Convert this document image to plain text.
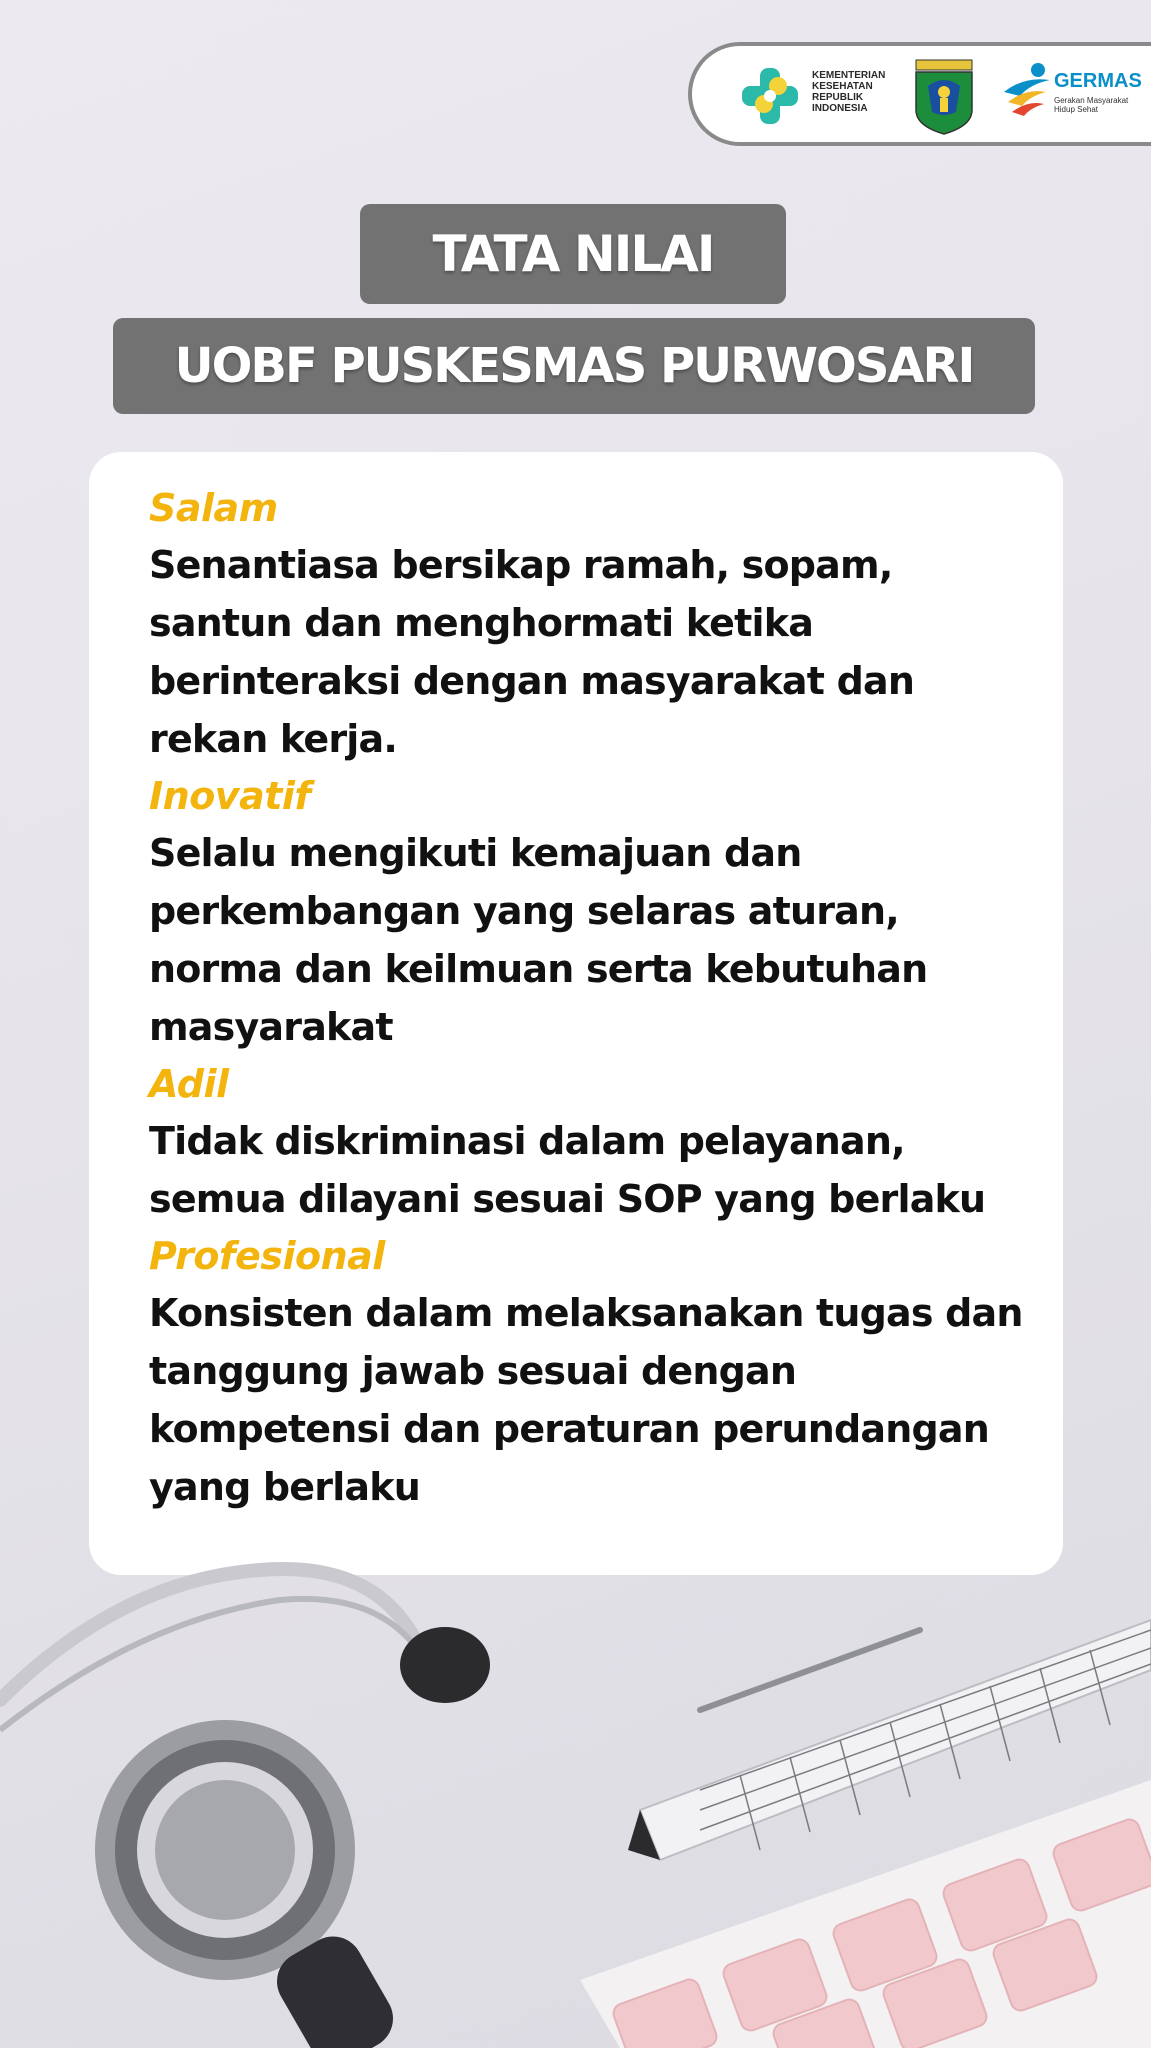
KEMENTERIAN
KESEHATAN
REPUBLIK
INDONESIA
GERMAS
Gerakan Masyarakat
Hidup Sehat
TATA NILAI
UOBF PUSKESMAS PURWOSARI
Salam
Senantiasa bersikap ramah, sopam, santun dan menghormati ketika berinteraksi dengan masyarakat dan rekan kerja.
Inovatif
Selalu mengikuti kemajuan dan perkembangan yang selaras aturan, norma dan keilmuan serta kebutuhan masyarakat
Adil
Tidak diskriminasi dalam pelayanan, semua dilayani sesuai SOP yang berlaku
Profesional
Konsisten dalam melaksanakan tugas dan tanggung jawab sesuai dengan kompetensi dan peraturan perundangan yang berlaku
